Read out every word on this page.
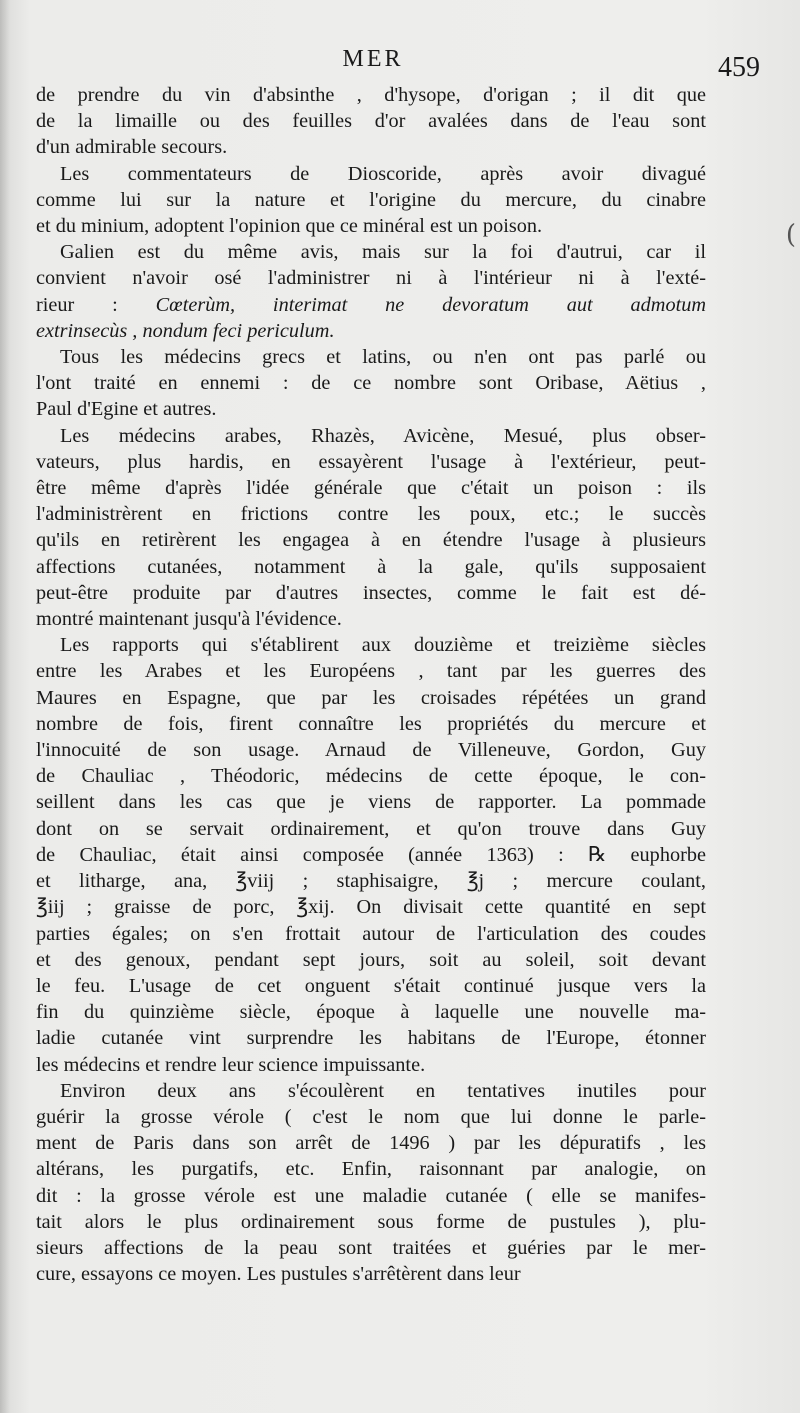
MER	459
de prendre du vin d'absinthe , d'hysope, d'origan ; il dit que
de la limaille ou des feuilles d'or avalées dans de l'eau sont
d'un admirable secours.
Les commentateurs de Dioscoride, après avoir divagué
comme lui sur la nature et l'origine du mercure, du cinabre
et du minium, adoptent l'opinion que ce minéral est un poison.
Galien est du même avis, mais sur la foi d'autrui, car il
convient n'avoir osé l'administrer ni à l'intérieur ni à l'exté-
rieur : Cœterùm, interimat ne devoratum aut admotum
extrinsecùs , nondum feci periculum.
Tous les médecins grecs et latins, ou n'en ont pas parlé ou
l'ont traité en ennemi : de ce nombre sont Oribase, Aëtius ,
Paul d'Egine et autres.
Les médecins arabes, Rhazès, Avicène, Mesué, plus obser-
vateurs, plus hardis, en essayèrent l'usage à l'extérieur, peut-
être même d'après l'idée générale que c'était un poison : ils
l'administrèrent en frictions contre les poux, etc.; le succès
qu'ils en retirèrent les engagea à en étendre l'usage à plusieurs
affections cutanées, notamment à la gale, qu'ils supposaient
peut-être produite par d'autres insectes, comme le fait est dé-
montré maintenant jusqu'à l'évidence.
Les rapports qui s'établirent aux douzième et treizième siècles
entre les Arabes et les Européens , tant par les guerres des
Maures en Espagne, que par les croisades répétées un grand
nombre de fois, firent connaître les propriétés du mercure et
l'innocuité de son usage. Arnaud de Villeneuve, Gordon, Guy
de Chauliac , Théodoric, médecins de cette époque, le con-
seillent dans les cas que je viens de rapporter. La pommade
dont on se servait ordinairement, et qu'on trouve dans Guy
de Chauliac, était ainsi composée (année 1363) : ℞ euphorbe
et litharge, ana, ℥viij ; staphisaigre, ℥j ; mercure coulant,
℥iij ; graisse de porc, ℥xij. On divisait cette quantité en sept
parties égales; on s'en frottait autour de l'articulation des coudes
et des genoux, pendant sept jours, soit au soleil, soit devant
le feu. L'usage de cet onguent s'était continué jusque vers la
fin du quinzième siècle, époque à laquelle une nouvelle ma-
ladie cutanée vint surprendre les habitans de l'Europe, étonner
les médecins et rendre leur science impuissante.
Environ deux ans s'écoulèrent en tentatives inutiles pour
guérir la grosse vérole ( c'est le nom que lui donne le parle-
ment de Paris dans son arrêt de 1496 ) par les dépuratifs , les
altérans, les purgatifs, etc. Enfin, raisonnant par analogie, on
dit : la grosse vérole est une maladie cutanée ( elle se manifes-
tait alors le plus ordinairement sous forme de pustules ), plu-
sieurs affections de la peau sont traitées et guéries par le mer-
cure, essayons ce moyen. Les pustules s'arrêtèrent dans leur
(
